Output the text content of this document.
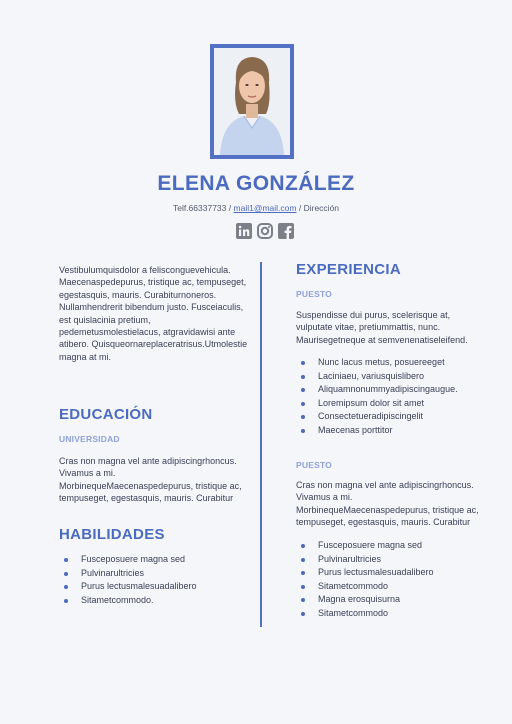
ELENA GONZÁLEZ
Telf.66337733 / mail1@mail.com / Dirección

Vestibulumquisdolor a felisconguevehicula. Maecenaspedepurus, tristique ac, tempuseget, egestasquis, mauris. Curabiturnoneros. Nullamhendrerit bibendum justo. Fusceiaculis, est quislacinia pretium, pedemetusmolestielacus, atgravidawisi ante atibero. Quisqueornareplaceratrisus.Utmolestie magna at mi.

EDUCACIÓN
UNIVERSIDAD

Cras non magna vel ante adipiscingrhoncus. Vivamus a mi. MorbinequeMaecenaspedepurus, tristique ac, tempuseget, egestasquis, mauris. Curabitur

HABILIDADES
Fusceposuere magna sed
Pulvinarultricies
Purus lectusmalesuadalibero
Sitametcommodo.
EXPERIENCIA
PUESTO

Suspendisse dui purus, scelerisque at, vulputate vitae, pretiummattis, nunc. Maurisegetneque at semvenenatiseleifend.

Nunc lacus metus, posuereeget
Laciniaeu, variusquislibero
Aliquamnonummyadipiscingaugue.
Loremipsum dolor sit amet
Consectetueradipiscingelit
Maecenas porttitor
PUESTO

Cras non magna vel ante adipiscingrhoncus. Vivamus a mi. MorbinequeMaecenaspedepurus, tristique ac, tempuseget, egestasquis, mauris. Curabitur

Fusceposuere magna sed
Pulvinarultricies
Purus lectusmalesuadalibero
Sitametcommodo
Magna erosquisurna
Sitametcommodo
